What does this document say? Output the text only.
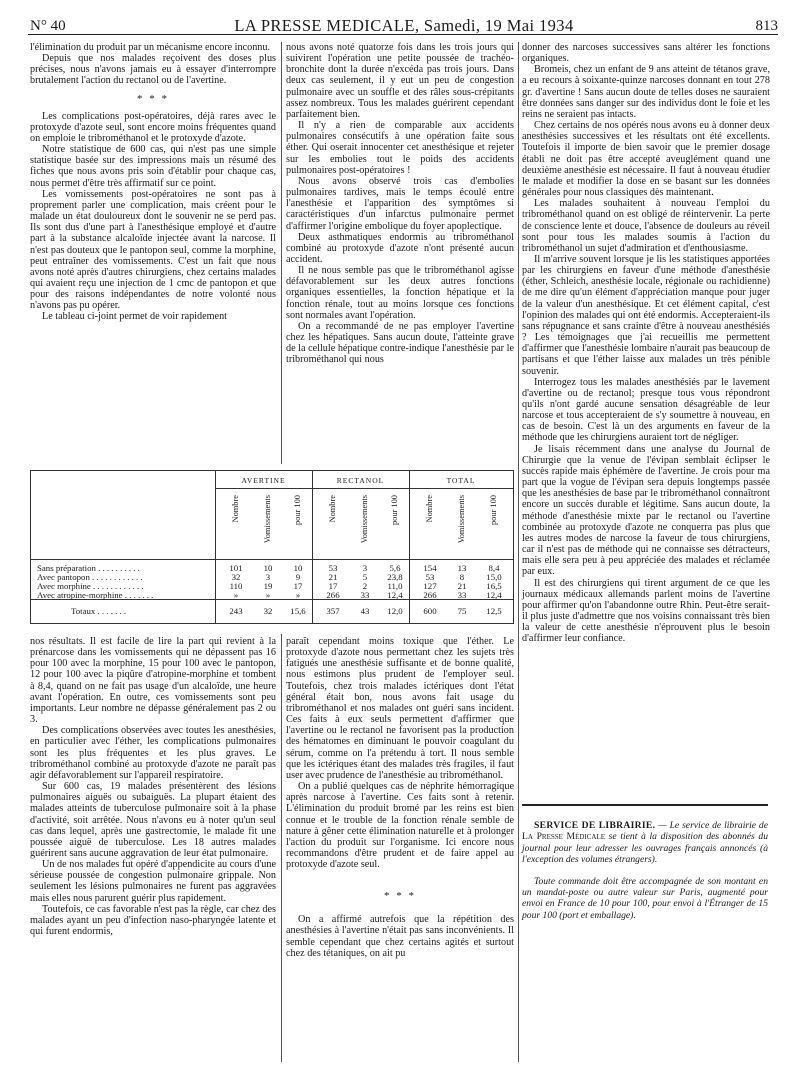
N° 40	LA PRESSE MEDICALE, Samedi, 19 Mai 1934	813

l'élimination du produit par un mécanisme encore inconnu.

Depuis que nos malades reçoivent des doses plus précises, nous n'avons jamais eu à essayer d'interrompre brutalement l'action du rectanol ou de l'avertine.

* * *

Les complications post-opératoires, déjà rares avec le protoxyde d'azote seul, sont encore moins fréquentes quand on emploie le tribrométhanol et le protoxyde d'azote.

Notre statistique de 600 cas, qui n'est pas une simple statistique basée sur des impressions mais un résumé des fiches que nous avons pris soin d'établir pour chaque cas, nous permet d'être très affirmatif sur ce point.

Les vomissements post-opératoires ne sont pas à proprement parler une complication, mais créent pour le malade un état douloureux dont le souvenir ne se perd pas. Ils sont dus d'une part à l'anesthésique employé et d'autre part à la substance alcaloïde injectée avant la narcose. Il n'est pas douteux que le pantopon seul, comme la morphine, peut entraîner des vomissements. C'est un fait que nous avons noté après d'autres chirurgiens, chez certains malades qui avaient reçu une injection de 1 cmc de pantopon et que pour des raisons indépendantes de notre volonté nous n'avons pas pu opérer.

Le tableau ci-joint permet de voir rapidement

nous avons noté quatorze fois dans les trois jours qui suivirent l'opération une petite poussée de trachéo-bronchite dont la durée n'excéda pas trois jours. Dans deux cas seulement, il y eut un peu de congestion pulmonaire avec un souffle et des râles sous-crépitants assez nombreux. Tous les malades guérirent cependant parfaitement bien.

Il n'y a rien de comparable aux accidents pulmonaires consécutifs à une opération faite sous éther. Qui oserait innocenter cet anesthésique et rejeter sur les embolies tout le poids des accidents pulmonaires post-opératoires !

Nous avons observé trois cas d'embolies pulmonaires tardives, mais le temps écoulé entre l'anesthésie et l'apparition des symptômes si caractéristiques d'un infarctus pulmonaire permet d'affirmer l'origine embolique du foyer apoplectique.

Deux asthmatiques endormis au tribrométhanol combiné au protoxyde d'azote n'ont présenté aucun accident.

Il ne nous semble pas que le tribrométhanol agisse défavorablement sur les deux autres fonctions organiques essentielles, la fonction hépatique et la fonction rénale, tout au moins lorsque ces fonctions sont normales avant l'opération.

On a recommandé de ne pas employer l'avertine chez les hépatiques. Sans aucun doute, l'atteinte grave de la cellule hépatique contre-indique l'anesthésie par le tribrométhanol qui nous

donner des narcoses successives sans altérer les fonctions organiques.

Bromeis, chez un enfant de 9 ans atteint de tétanos grave, a eu recours à soixante-quinze narcoses donnant en tout 278 gr. d'avertine ! Sans aucun doute de telles doses ne sauraient être données sans danger sur des individus dont le foie et les reins ne seraient pas intacts.

Chez certains de nos opérés nous avons eu à donner deux anesthésies successives et les résultats ont été excellents. Toutefois il importe de bien savoir que le premier dosage établi ne doit pas être accepté aveuglément quand une deuxième anesthésie est nécessaire. Il faut à nouveau étudier le malade et modifier la dose en se basant sur les données générales pour nous classiques dès maintenant.

Les malades souhaitent à nouveau l'emploi du tribrométhanol quand on est obligé de réintervenir. La perte de conscience lente et douce, l'absence de douleurs au réveil sont pour tous les malades soumis à l'action du tribrométhanol un sujet d'admiration et d'enthousiasme.

Il m'arrive souvent lorsque je lis les statistiques apportées par les chirurgiens en faveur d'une méthode d'anesthésie (éther, Schleich, anesthésie locale, régionale ou rachidienne) de me dire qu'un élément d'appréciation manque pour juger de la valeur d'un anesthésique. Et cet élément capital, c'est l'opinion des malades qui ont été endormis. Accepteraient-ils sans répugnance et sans crainte d'être à nouveau anesthésiés ? Les témoignages que j'ai recueillis me permettent d'affirmer que l'anesthésie lombaire n'aurait pas beaucoup de partisans et que l'éther laisse aux malades un très pénible souvenir.

Interrogez tous les malades anesthésiés par le lavement d'avertine ou de rectanol; presque tous vous répondront qu'ils n'ont gardé aucune sensation désagréable de leur narcose et tous accepteraient de s'y soumettre à nouveau, en cas de besoin. C'est là un des arguments en faveur de la méthode que les chirurgiens auraient tort de négliger.

Je lisais récemment dans une analyse du Journal de Chirurgie que la venue de l'évipan semblait éclipser le succès rapide mais éphémère de l'avertine. Je crois pour ma part que la vogue de l'évipan sera depuis longtemps passée que les anesthésies de base par le tribrométhanol connaîtront encore un succès durable et légitime. Sans aucun doute, la méthode d'anesthésie mixte par le rectanol ou l'avertine combinée au protoxyde d'azote ne conquerra pas plus que les autres modes de narcose la faveur de tous chirurgiens, car il n'est pas de méthode qui ne connaisse ses détracteurs, mais elle sera peu à peu appréciée des malades et réclamée par eux.

Il est des chirurgiens qui tirent argument de ce que les journaux médicaux allemands parlent moins de l'avertine pour affirmer qu'on l'abandonne outre Rhin. Peut-être serait-il plus juste d'admettre que nos voisins connaissant très bien la valeur de cette anesthésie n'éprouvent plus le besoin d'affirmer leur confiance.

AVERTINE	RECTANOL	TOTAL
Nombre	Vomissements	pour 100	Nombre	Vomissements	pour 100	Nombre	Vomissements	pour 100
Sans préparation . . . . . . . . . .	101	10	10	53	3	5,6	154	13	8,4
Avec pantopon . . . . . . . . . . . .	32	3	9	21	5	23,8	53	8	15,0
Avec morphine . . . . . . . . . . . .	110	19	17	17	2	11,0	127	21	16,5
Avec atropine-morphine . . . . . . .	»	»	»	266	33	12,4	266	33	12,4
Totaux . . . . . . .	243	32	15,6	357	43	12,0	600	75	12,5

nos résultats. Il est facile de lire la part qui revient à la prénarcose dans les vomissements qui ne dépassent pas 16 pour 100 avec la morphine, 15 pour 100 avec le pantopon, 12 pour 100 avec la piqûre d'atropine-morphine et tombent à 8,4, quand on ne fait pas usage d'un alcaloïde, une heure avant l'opération. En outre, ces vomissements sont peu importants. Leur nombre ne dépasse généralement pas 2 ou 3.

Des complications observées avec toutes les anesthésies, en particulier avec l'éther, les complications pulmonaires sont les plus fréquentes et les plus graves. Le tribrométhanol combiné au protoxyde d'azote ne paraît pas agir défavorablement sur l'appareil respiratoire.

Sur 600 cas, 19 malades présentèrent des lésions pulmonaires aiguës ou subaiguës. La plupart étaient des malades atteints de tuberculose pulmonaire soit à la phase d'activité, soit arrêtée. Nous n'avons eu à noter qu'un seul cas dans lequel, après une gastrectomie, le malade fit une poussée aiguë de tuberculose. Les 18 autres malades guérirent sans aucune aggravation de leur état pulmonaire.

Un de nos malades fut opéré d'appendicite au cours d'une sérieuse poussée de congestion pulmonaire grippale. Non seulement les lésions pulmonaires ne furent pas aggravées mais elles nous parurent guérir plus rapidement.

Toutefois, ce cas favorable n'est pas la règle, car chez des malades ayant un peu d'infection naso-pharyngée latente et qui furent endormis,

paraît cependant moins toxique que l'éther. Le protoxyde d'azote nous permettant chez les sujets très fatigués une anesthésie suffisante et de bonne qualité, nous estimons plus prudent de l'employer seul. Toutefois, chez trois malades ictériques dont l'état général était bon, nous avons fait usage du tribrométhanol et nos malades ont guéri sans incident. Ces faits à eux seuls permettent d'affirmer que l'avertine ou le rectanol ne favorisent pas la production des hématomes en diminuant le pouvoir coagulant du sérum, comme on l'a prétendu à tort. Il nous semble que les ictériques étant des malades très fragiles, il faut user avec prudence de l'anesthésie au tribrométhanol.

On a publié quelques cas de néphrite hémorragique après narcose à l'avertine. Ces faits sont à retenir. L'élimination du produit bromé par les reins est bien connue et le trouble de la fonction rénale semble de nature à gêner cette élimination naturelle et à prolonger l'action du produit sur l'organisme. Ici encore nous recommandons d'être prudent et de faire appel au protoxyde d'azote seul.

* * *

On a affirmé autrefois que la répétition des anesthésies à l'avertine n'était pas sans inconvénients. Il semble cependant que chez certains agités et surtout chez des tétaniques, on ait pu

SERVICE DE LIBRAIRIE. — Le service de librairie de La Presse Médicale se tient à la disposition des abonnés du journal pour leur adresser les ouvrages français annoncés (à l'exception des volumes étrangers).

Toute commande doit être accompagnée de son montant en un mandat-poste ou autre valeur sur Paris, augmenté pour envoi en France de 10 pour 100, pour envoi à l'Étranger de 15 pour 100 (port et emballage).
